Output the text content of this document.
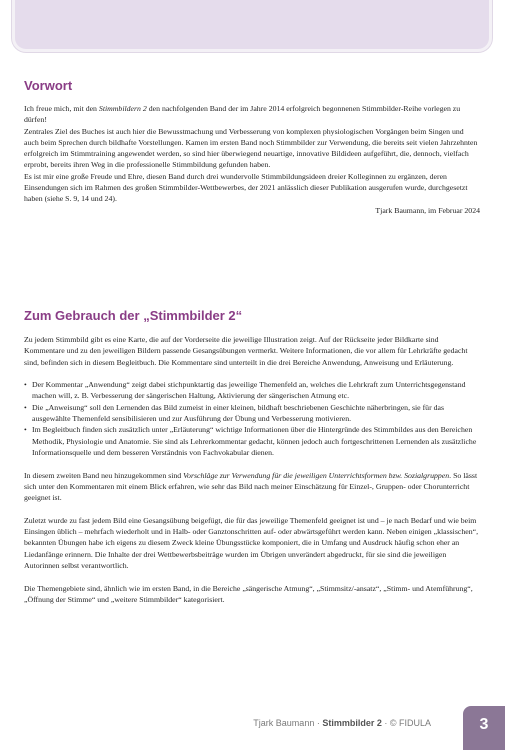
Vorwort

Ich freue mich, mit den Stimmbildern 2 den nachfolgenden Band der im Jahre 2014 erfolgreich begonnenen Stimmbilder-Reihe vorlegen zu dürfen!

Zentrales Ziel des Buches ist auch hier die Bewusstmachung und Verbesserung von komplexen physiologischen Vorgängen beim Singen und auch beim Sprechen durch bildhafte Vorstellungen. Kamen im ersten Band noch Stimmbilder zur Verwendung, die bereits seit vielen Jahrzehnten erfolgreich im Stimmtraining angewendet werden, so sind hier überwiegend neuartige, innovative Bildideen aufgeführt, die, dennoch, vielfach erprobt, bereits ihren Weg in die professionelle Stimmbildung gefunden haben.

Es ist mir eine große Freude und Ehre, diesen Band durch drei wundervolle Stimmbildungsideen dreier Kolleginnen zu ergänzen, deren Einsendungen sich im Rahmen des großen Stimmbilder-Wettbewerbes, der 2021 anlässlich dieser Publikation ausgerufen wurde, durchgesetzt haben (siehe S. 9, 14 und 24).

Tjark Baumann, im Februar 2024

Zum Gebrauch der „Stimmbilder 2“

Zu jedem Stimmbild gibt es eine Karte, die auf der Vorderseite die jeweilige Illustration zeigt. Auf der Rückseite jeder Bildkarte sind Kommentare und zu den jeweiligen Bildern passende Gesangsübungen vermerkt. Weitere Informationen, die vor allem für Lehrkräfte gedacht sind, befinden sich in diesem Begleitbuch. Die Kommentare sind unterteilt in die drei Bereiche Anwendung, Anweisung und Erläuterung.

• Der Kommentar „Anwendung“ zeigt dabei stichpunktartig das jeweilige Themenfeld an, welches die Lehrkraft zum Unterrichtsgegenstand machen will, z. B. Verbesserung der sängerischen Haltung, Aktivierung der sängerischen Atmung etc.
• Die „Anweisung“ soll den Lernenden das Bild zumeist in einer kleinen, bildhaft beschriebenen Geschichte näherbringen, sie für das ausgewählte Themenfeld sensibilisieren und zur Ausführung der Übung und Verbesserung motivieren.
• Im Begleitbuch finden sich zusätzlich unter „Erläuterung“ wichtige Informationen über die Hintergründe des Stimmbildes aus den Bereichen Methodik, Physiologie und Anatomie. Sie sind als Lehrerkommentar gedacht, können jedoch auch fortgeschrittenen Lernenden als zusätzliche Informationsquelle und dem besseren Verständnis von Fachvokabular dienen.

In diesem zweiten Band neu hinzugekommen sind Vorschläge zur Verwendung für die jeweiligen Unterrichtsformen bzw. Sozialgruppen. So lässt sich unter den Kommentaren mit einem Blick erfahren, wie sehr das Bild nach meiner Einschätzung für Einzel-, Gruppen- oder Chorunterricht geeignet ist.

Zuletzt wurde zu fast jedem Bild eine Gesangsübung beigefügt, die für das jeweilige Themenfeld geeignet ist und – je nach Bedarf und wie beim Einsingen üblich – mehrfach wiederholt und in Halb- oder Ganztonschritten auf- oder abwärtsgeführt werden kann. Neben einigen „klassischen“, bekannten Übungen habe ich eigens zu diesem Zweck kleine Übungsstücke komponiert, die in Umfang und Ausdruck häufig schon eher an Liedanfänge erinnern. Die Inhalte der drei Wettbewerbsbeiträge wurden im Übrigen unverändert abgedruckt, für sie sind die jeweiligen Autorinnen selbst verantwortlich.

Die Themengebiete sind, ähnlich wie im ersten Band, in die Bereiche „sängerische Atmung“, „Stimmsitz/-ansatz“, „Stimm- und Atemführung“, „Öffnung der Stimme“ und „weitere Stimmbilder“ kategorisiert.

Tjark Baumann · Stimmbilder 2 · © FIDULA	3
